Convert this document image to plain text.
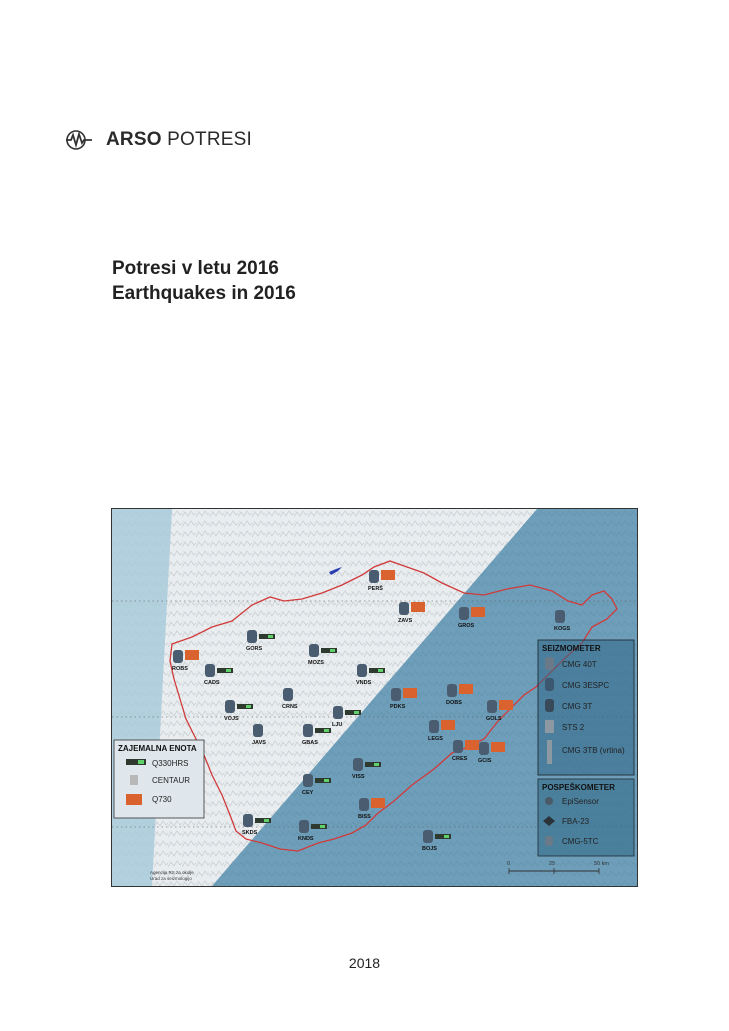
ARSO POTRESI
Potresi v letu 2016
Earthquakes in 2016
PERŠ
ZAVS
GROS	KOGS
ROBS
GORS
CADS
MOZS
VNDS
PDKS
DOBS
VOJS
CRNS
LJU
GOLS
LEGS
JAVS	GBAS
CRES GCIS
VISS
CEY
SKDS
KNDS
BISS
BOJS
ZAJEMALNA ENOTA
Q330HRS
CENTAUR
Q730
SEIZMOMETER
CMG 40T
CMG 3ESPC
CMG 3T
STS 2
CMG 3TB (vrtina)
POSPEŠKOMETER
EpiSensor
FBA-23
CMG-5TC
0	25	50 km
Agencija RS za okolje
Urad za seizmologijo
2018
